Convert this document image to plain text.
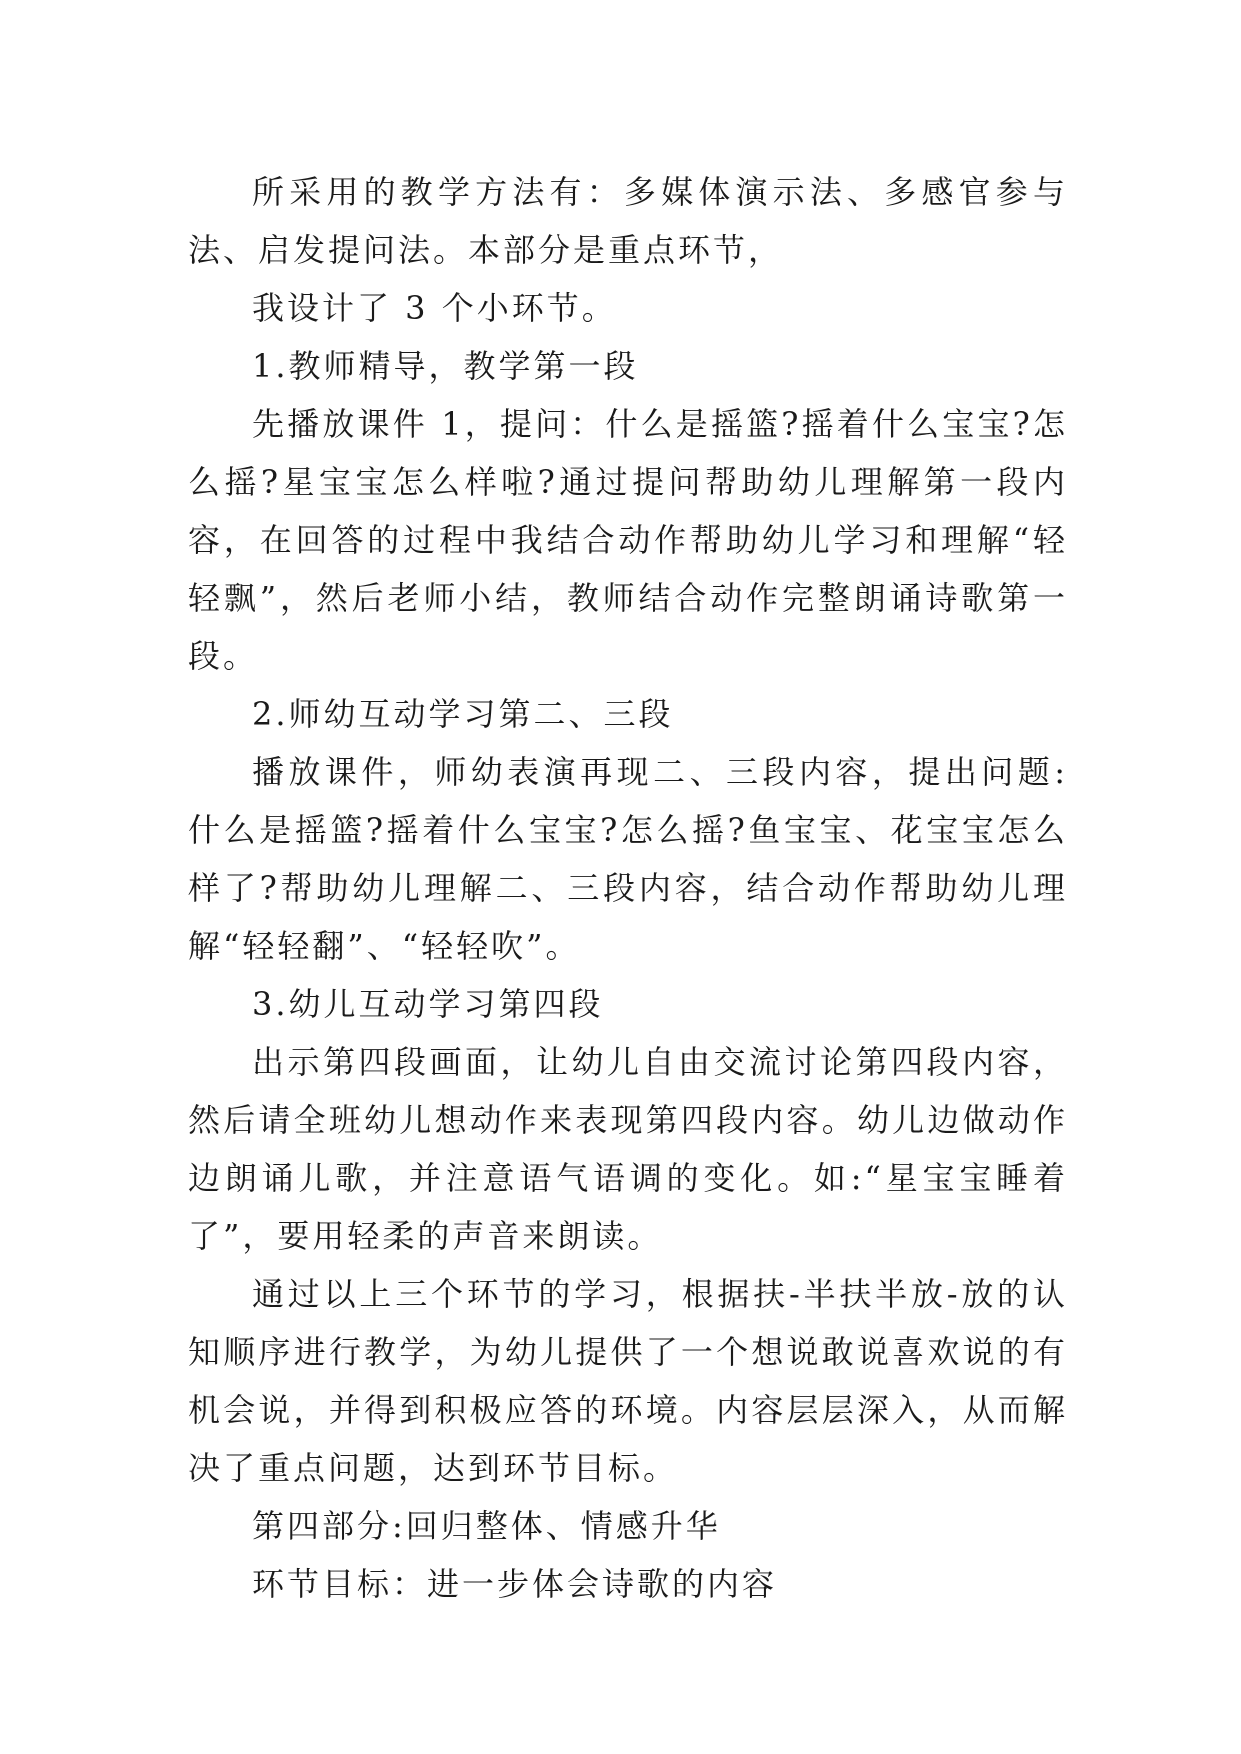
所采用的教学方法有：多媒体演示法、多感官参与法、启发提问法。本部分是重点环节，

我设计了 3 个小环节。

1.教师精导，教学第一段

先播放课件 1，提问：什么是摇篮?摇着什么宝宝?怎么摇?星宝宝怎么样啦?通过提问帮助幼儿理解第一段内容，在回答的过程中我结合动作帮助幼儿学习和理解“轻轻飘”，然后老师小结，教师结合动作完整朗诵诗歌第一段。

2.师幼互动学习第二、三段

播放课件，师幼表演再现二、三段内容，提出问题:什么是摇篮?摇着什么宝宝?怎么摇?鱼宝宝、花宝宝怎么样了?帮助幼儿理解二、三段内容，结合动作帮助幼儿理解“轻轻翻”、“轻轻吹”。

3.幼儿互动学习第四段

出示第四段画面，让幼儿自由交流讨论第四段内容，然后请全班幼儿想动作来表现第四段内容。幼儿边做动作边朗诵儿歌，并注意语气语调的变化。如:“星宝宝睡着了”，要用轻柔的声音来朗读。

通过以上三个环节的学习，根据扶-半扶半放-放的认知顺序进行教学，为幼儿提供了一个想说敢说喜欢说的有机会说，并得到积极应答的环境。内容层层深入，从而解决了重点问题，达到环节目标。

第四部分:回归整体、情感升华

环节目标：进一步体会诗歌的内容
